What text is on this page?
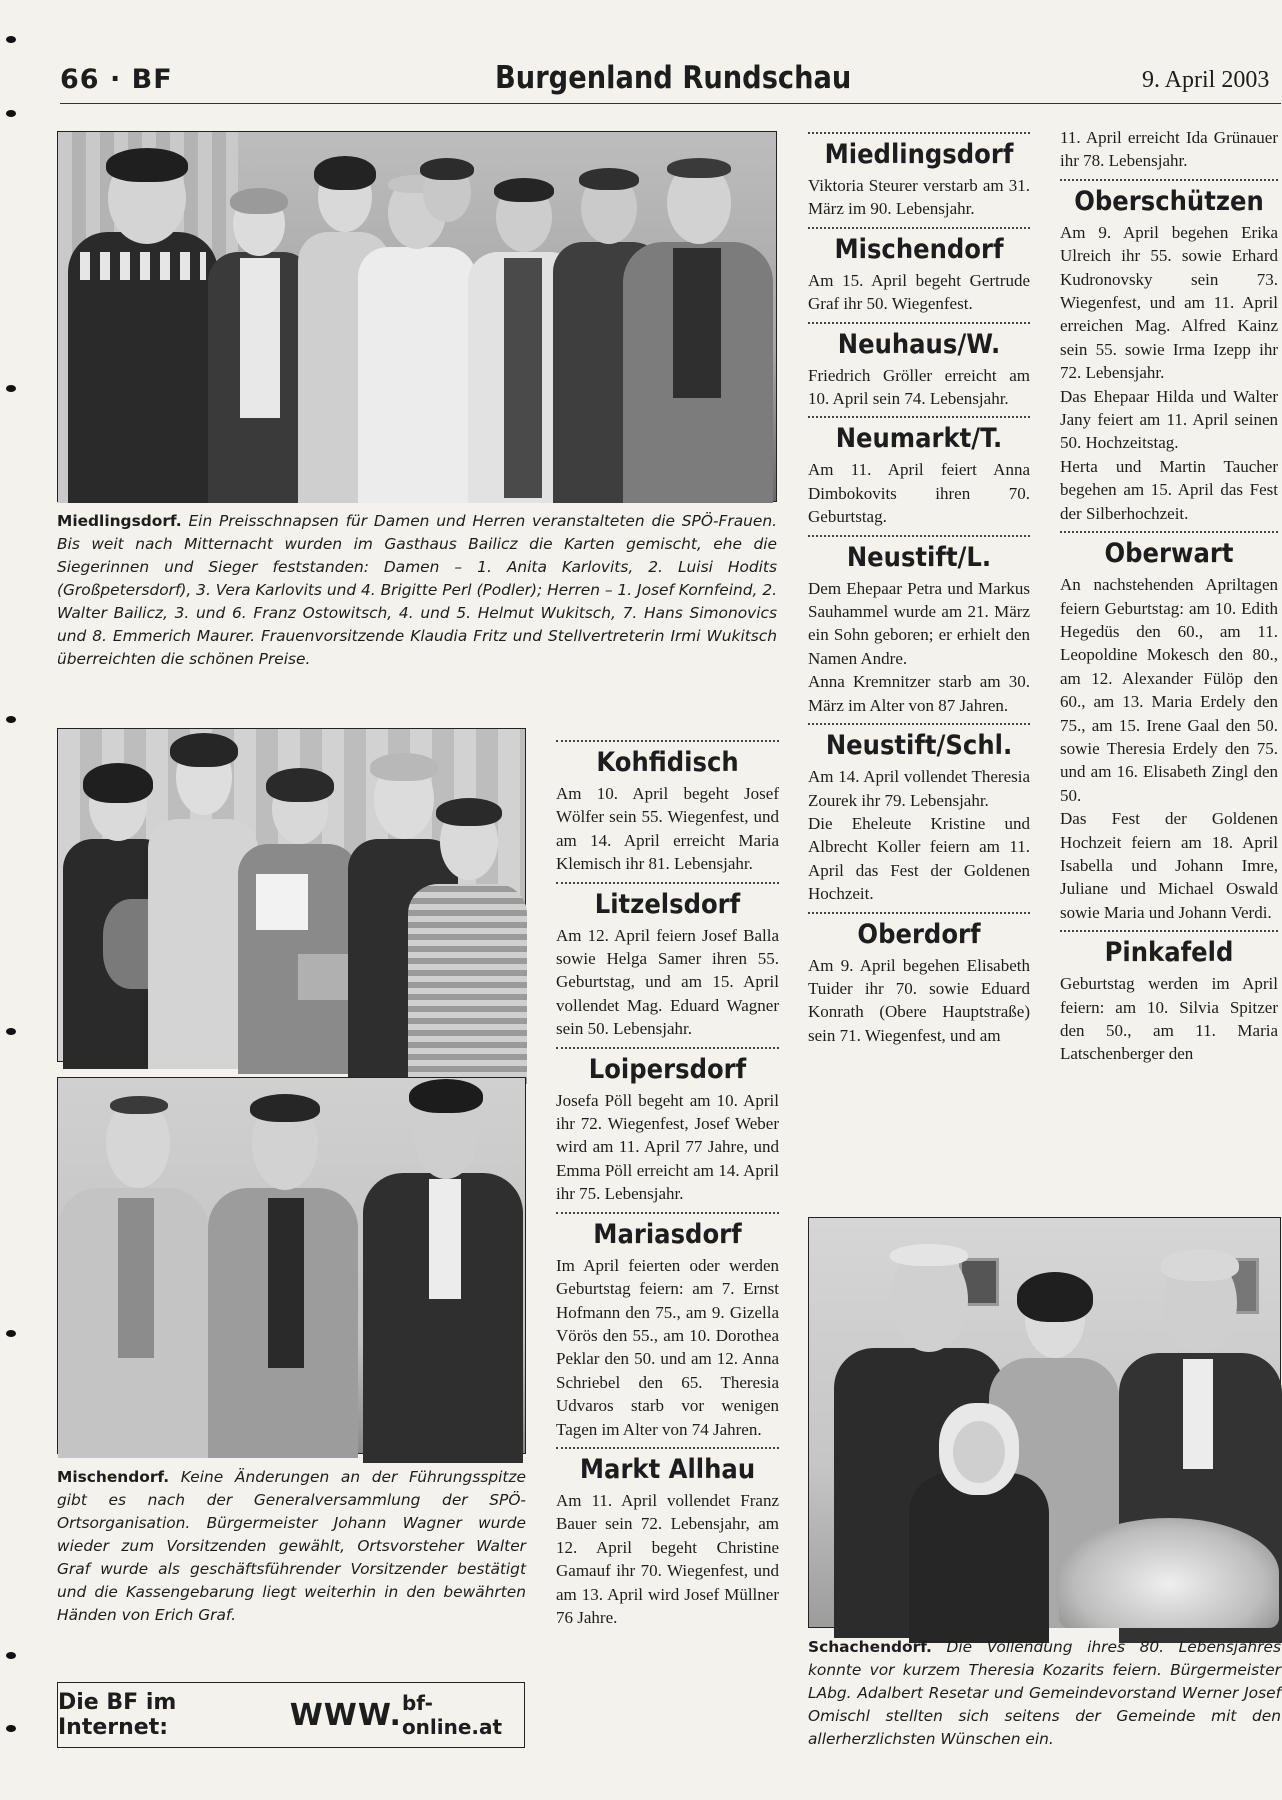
66 · BF	Burgenland Rundschau	9. April 2003
Miedlingsdorf. Ein Preisschnapsen für Damen und Herren veranstalteten die SPÖ-Frauen. Bis weit nach Mitternacht wurden im Gasthaus Bailicz die Karten gemischt, ehe die Siegerinnen und Sieger feststanden: Damen – 1. Anita Karlovits, 2. Luisi Hodits (Großpetersdorf), 3. Vera Karlovits und 4. Brigitte Perl (Podler); Herren – 1. Josef Kornfeind, 2. Walter Bailicz, 3. und 6. Franz Ostowitsch, 4. und 5. Helmut Wukitsch, 7. Hans Simonovics und 8. Emmerich Maurer. Frauenvorsitzende Klaudia Fritz und Stellvertreterin Irmi Wukitsch überreichten die schönen Preise.
Mischendorf. Keine Änderungen an der Führungsspitze gibt es nach der Generalversammlung der SPÖ-Ortsorganisation. Bürgermeister Johann Wagner wurde wieder zum Vorsitzenden gewählt, Ortsvorsteher Walter Graf wurde als geschäftsführender Vorsitzender bestätigt und die Kassengebarung liegt weiterhin in den bewährten Händen von Erich Graf.
Die BF im Internet:	WWW. bf-online.at
Kohfidisch
Am 10. April begeht Josef Wölfer sein 55. Wiegenfest, und am 14. April erreicht Maria Klemisch ihr 81. Lebensjahr.
Litzelsdorf
Am 12. April feiern Josef Balla sowie Helga Samer ihren 55. Geburtstag, und am 15. April vollendet Mag. Eduard Wagner sein 50. Lebensjahr.
Loipersdorf
Josefa Pöll begeht am 10. April ihr 72. Wiegenfest, Josef Weber wird am 11. April 77 Jahre, und Emma Pöll erreicht am 14. April ihr 75. Lebensjahr.
Mariasdorf
Im April feierten oder werden Geburtstag feiern: am 7. Ernst Hofmann den 75., am 9. Gizella Vörös den 55., am 10. Dorothea Peklar den 50. und am 12. Anna Schriebel den 65. Theresia Udvaros starb vor wenigen Tagen im Alter von 74 Jahren.
Markt Allhau
Am 11. April vollendet Franz Bauer sein 72. Lebensjahr, am 12. April begeht Christine Gamauf ihr 70. Wiegenfest, und am 13. April wird Josef Müllner 76 Jahre.
Miedlingsdorf
Viktoria Steurer verstarb am 31. März im 90. Lebensjahr.
Mischendorf
Am 15. April begeht Gertrude Graf ihr 50. Wiegenfest.
Neuhaus/W.
Friedrich Gröller erreicht am 10. April sein 74. Lebensjahr.
Neumarkt/T.
Am 11. April feiert Anna Dimbokovits ihren 70. Geburtstag.
Neustift/L.
Dem Ehepaar Petra und Markus Sauhammel wurde am 21. März ein Sohn geboren; er erhielt den Namen Andre.
Anna Kremnitzer starb am 30. März im Alter von 87 Jahren.
Neustift/Schl.
Am 14. April vollendet Theresia Zourek ihr 79. Lebensjahr.
Die Eheleute Kristine und Albrecht Koller feiern am 11. April das Fest der Goldenen Hochzeit.
Oberdorf
Am 9. April begehen Elisabeth Tuider ihr 70. sowie Eduard Konrath (Obere Hauptstraße) sein 71. Wiegenfest, und am
11. April erreicht Ida Grünauer ihr 78. Lebensjahr.
Oberschützen
Am 9. April begehen Erika Ulreich ihr 55. sowie Erhard Kudronovsky sein 73. Wiegenfest, und am 11. April erreichen Mag. Alfred Kainz sein 55. sowie Irma Izepp ihr 72. Lebensjahr.
Das Ehepaar Hilda und Walter Jany feiert am 11. April seinen 50. Hochzeitstag.
Herta und Martin Taucher begehen am 15. April das Fest der Silberhochzeit.
Oberwart
An nachstehenden Apriltagen feiern Geburtstag: am 10. Edith Hegedüs den 60., am 11. Leopoldine Mokesch den 80., am 12. Alexander Fülöp den 60., am 13. Maria Erdely den 75., am 15. Irene Gaal den 50. sowie Theresia Erdely den 75. und am 16. Elisabeth Zingl den 50.
Das Fest der Goldenen Hochzeit feiern am 18. April Isabella und Johann Imre, Juliane und Michael Oswald sowie Maria und Johann Verdi.
Pinkafeld
Geburtstag werden im April feiern: am 10. Silvia Spitzer den 50., am 11. Maria Latschenberger den
Schachendorf. Die Vollendung ihres 80. Lebensjahres konnte vor kurzem Theresia Kozarits feiern. Bürgermeister LAbg. Adalbert Resetar und Gemeindevorstand Werner Josef Omischl stellten sich seitens der Gemeinde mit den allerherzlichsten Wünschen ein.
